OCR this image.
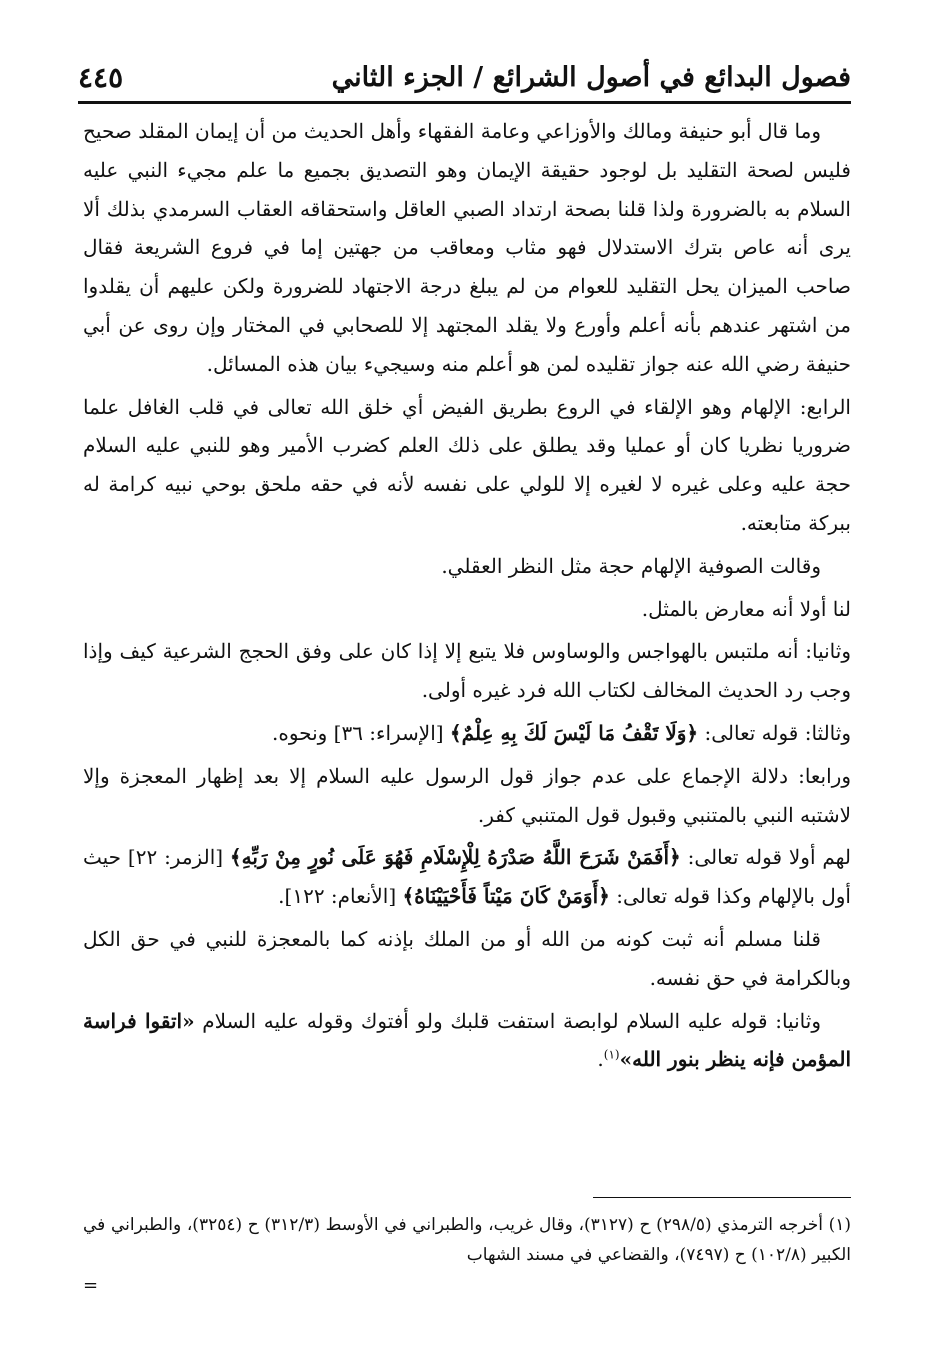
فصول البدائع في أصول الشرائع / الجزء الثاني
٤٤٥

وما قال أبو حنيفة ومالك والأوزاعي وعامة الفقهاء وأهل الحديث من أن إيمان المقلد صحيح فليس لصحة التقليد بل لوجود حقيقة الإيمان وهو التصديق بجميع ما علم مجيء النبي عليه السلام به بالضرورة ولذا قلنا بصحة ارتداد الصبي العاقل واستحقاقه العقاب السرمدي بذلك ألا يرى أنه عاص بترك الاستدلال فهو مثاب ومعاقب من جهتين إما في فروع الشريعة فقال صاحب الميزان يحل التقليد للعوام من لم يبلغ درجة الاجتهاد للضرورة ولكن عليهم أن يقلدوا من اشتهر عندهم بأنه أعلم وأورع ولا يقلد المجتهد إلا للصحابي في المختار وإن روى عن أبي حنيفة رضي الله عنه جواز تقليده لمن هو أعلم منه وسيجيء بيان هذه المسائل.

الرابع: الإلهام وهو الإلقاء في الروع بطريق الفيض أي خلق الله تعالى في قلب الغافل علما ضروريا نظريا كان أو عمليا وقد يطلق على ذلك العلم كضرب الأمير وهو للنبي عليه السلام حجة عليه وعلى غيره لا لغيره إلا للولي على نفسه لأنه في حقه ملحق بوحي نبيه كرامة له ببركة متابعته.

وقالت الصوفية الإلهام حجة مثل النظر العقلي.

لنا أولا أنه معارض بالمثل.

وثانيا: أنه ملتبس بالهواجس والوساوس فلا يتبع إلا إذا كان على وفق الحجج الشرعية كيف وإذا وجب رد الحديث المخالف لكتاب الله فرد غيره أولى.

وثالثا: قوله تعالى: ﴿وَلَا تَقْفُ مَا لَيْسَ لَكَ بِهِ عِلْمٌ﴾ [الإسراء: ٣٦] ونحوه.

ورابعا: دلالة الإجماع على عدم جواز قول الرسول عليه السلام إلا بعد إظهار المعجزة وإلا لاشتبه النبي بالمتنبي وقبول قول المتنبي كفر.

لهم أولا قوله تعالى: ﴿أَفَمَنْ شَرَحَ اللَّهُ صَدْرَهُ لِلْإِسْلَامِ فَهُوَ عَلَى نُورٍ مِنْ رَبِّهِ﴾ [الزمر: ٢٢] حيث أول بالإلهام وكذا قوله تعالى: ﴿أَوَمَنْ كَانَ مَيْتاً فَأَحْيَيْنَاهُ﴾ [الأنعام: ١٢٢].

قلنا مسلم أنه ثبت كونه من الله أو من الملك بإذنه كما بالمعجزة للنبي في حق الكل وبالكرامة في حق نفسه.

وثانيا: قوله عليه السلام لوابصة استفت قلبك ولو أفتوك وقوله عليه السلام «اتقوا فراسة المؤمن فإنه ينظر بنور الله»$^{(١)}$.

(١) أخرجه الترمذي (٢٩٨/٥) ح (٣١٢٧)، وقال غريب، والطبراني في الأوسط (٣١٢/٣) ح (٣٢٥٤)، والطبراني في الكبير (١٠٢/٨) ح (٧٤٩٧)، والقضاعي في مسند الشهاب

=
